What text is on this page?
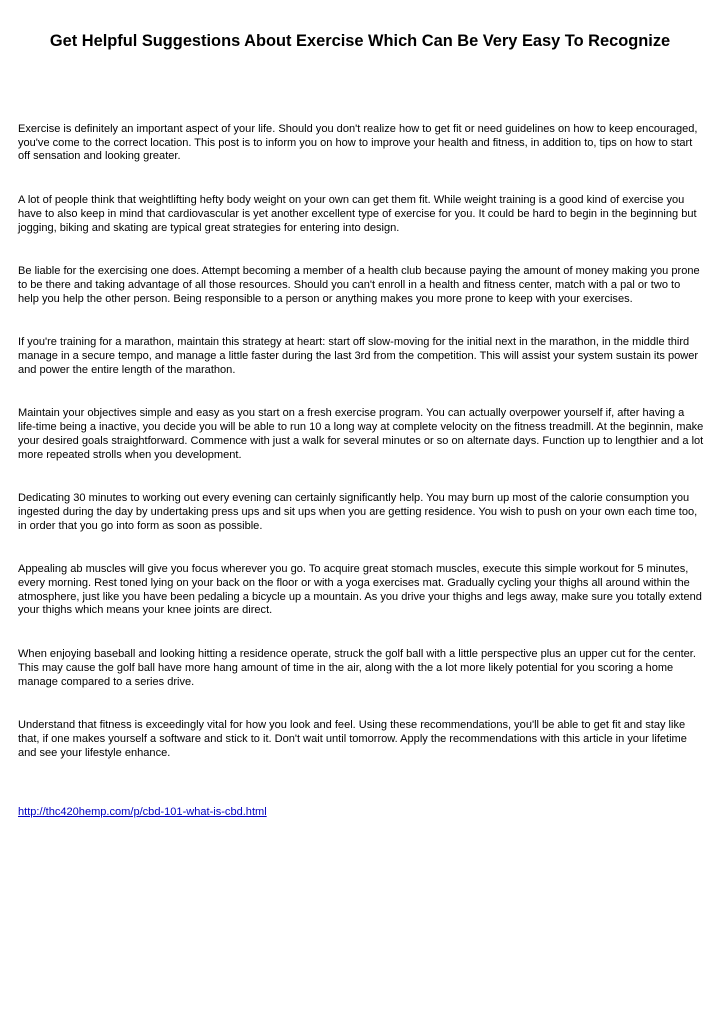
Get Helpful Suggestions About Exercise Which Can Be Very Easy To Recognize

Exercise is definitely an important aspect of your life. Should you don't realize how to get fit or need guidelines on how to keep encouraged, you've come to the correct location. This post is to inform you on how to improve your health and fitness, in addition to, tips on how to start off sensation and looking greater.

A lot of people think that weightlifting hefty body weight on your own can get them fit. While weight training is a good kind of exercise you have to also keep in mind that cardiovascular is yet another excellent type of exercise for you. It could be hard to begin in the beginning but jogging, biking and skating are typical great strategies for entering into design.

Be liable for the exercising one does. Attempt becoming a member of a health club because paying the amount of money making you prone to be there and taking advantage of all those resources. Should you can't enroll in a health and fitness center, match with a pal or two to help you help the other person. Being responsible to a person or anything makes you more prone to keep with your exercises.

If you're training for a marathon, maintain this strategy at heart: start off slow-moving for the initial next in the marathon, in the middle third manage in a secure tempo, and manage a little faster during the last 3rd from the competition. This will assist your system sustain its power and power the entire length of the marathon.

Maintain your objectives simple and easy as you start on a fresh exercise program. You can actually overpower yourself if, after having a life-time being a inactive, you decide you will be able to run 10 a long way at complete velocity on the fitness treadmill. At the beginnin, make your desired goals straightforward. Commence with just a walk for several minutes or so on alternate days. Function up to lengthier and a lot more repeated strolls when you development.

Dedicating 30 minutes to working out every evening can certainly significantly help. You may burn up most of the calorie consumption you ingested during the day by undertaking press ups and sit ups when you are getting residence. You wish to push on your own each time too, in order that you go into form as soon as possible.

Appealing ab muscles will give you focus wherever you go. To acquire great stomach muscles, execute this simple workout for 5 minutes, every morning. Rest toned lying on your back on the floor or with a yoga exercises mat. Gradually cycling your thighs all around within the atmosphere, just like you have been pedaling a bicycle up a mountain. As you drive your thighs and legs away, make sure you totally extend your thighs which means your knee joints are direct.

When enjoying baseball and looking hitting a residence operate, struck the golf ball with a little perspective plus an upper cut for the center. This may cause the golf ball have more hang amount of time in the air, along with the a lot more likely potential for you scoring a home manage compared to a series drive.

Understand that fitness is exceedingly vital for how you look and feel. Using these recommendations, you'll be able to get fit and stay like that, if one makes yourself a software and stick to it. Don't wait until tomorrow. Apply the recommendations with this article in your lifetime and see your lifestyle enhance.

http://thc420hemp.com/p/cbd-101-what-is-cbd.html
